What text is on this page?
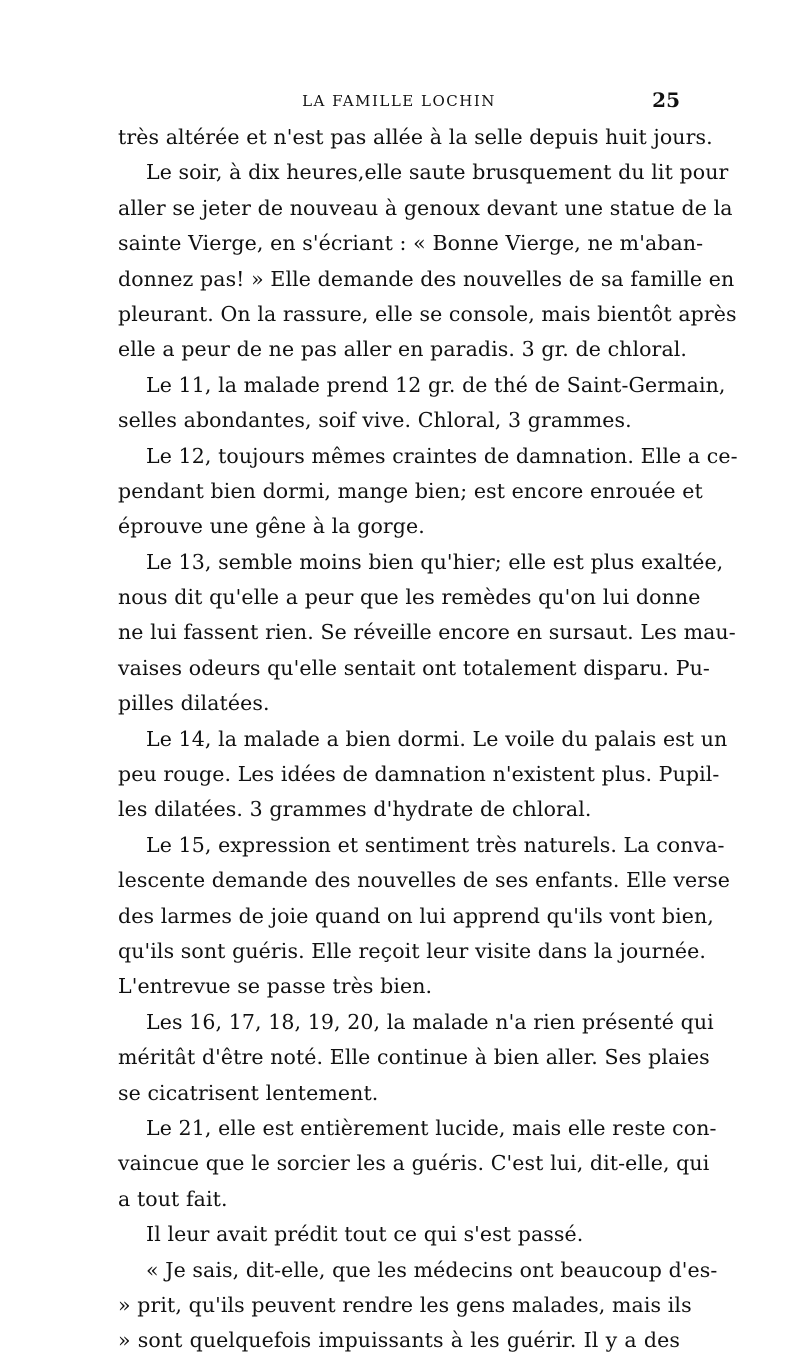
LA FAMILLE LOCHIN	25
très altérée et n'est pas allée à la selle depuis huit jours.
Le soir, à dix heures,elle saute brusquement du lit pour
aller se jeter de nouveau à genoux devant une statue de la
sainte Vierge, en s'écriant : « Bonne Vierge, ne m'aban-
donnez pas! » Elle demande des nouvelles de sa famille en
pleurant. On la rassure, elle se console, mais bientôt après
elle a peur de ne pas aller en paradis. 3 gr. de chloral.
Le 11, la malade prend 12 gr. de thé de Saint-Germain,
selles abondantes, soif vive. Chloral, 3 grammes.
Le 12, toujours mêmes craintes de damnation. Elle a ce-
pendant bien dormi, mange bien; est encore enrouée et
éprouve une gêne à la gorge.
Le 13, semble moins bien qu'hier; elle est plus exaltée,
nous dit qu'elle a peur que les remèdes qu'on lui donne
ne lui fassent rien. Se réveille encore en sursaut. Les mau-
vaises odeurs qu'elle sentait ont totalement disparu. Pu-
pilles dilatées.
Le 14, la malade a bien dormi. Le voile du palais est un
peu rouge. Les idées de damnation n'existent plus. Pupil-
les dilatées. 3 grammes d'hydrate de chloral.
Le 15, expression et sentiment très naturels. La conva-
lescente demande des nouvelles de ses enfants. Elle verse
des larmes de joie quand on lui apprend qu'ils vont bien,
qu'ils sont guéris. Elle reçoit leur visite dans la journée.
L'entrevue se passe très bien.
Les 16, 17, 18, 19, 20, la malade n'a rien présenté qui
méritât d'être noté. Elle continue à bien aller. Ses plaies
se cicatrisent lentement.
Le 21, elle est entièrement lucide, mais elle reste con-
vaincue que le sorcier les a guéris. C'est lui, dit-elle, qui
a tout fait.
Il leur avait prédit tout ce qui s'est passé.
« Je sais, dit-elle, que les médecins ont beaucoup d'es-
» prit, qu'ils peuvent rendre les gens malades, mais ils
» sont quelquefois impuissants à les guérir. Il y a des
